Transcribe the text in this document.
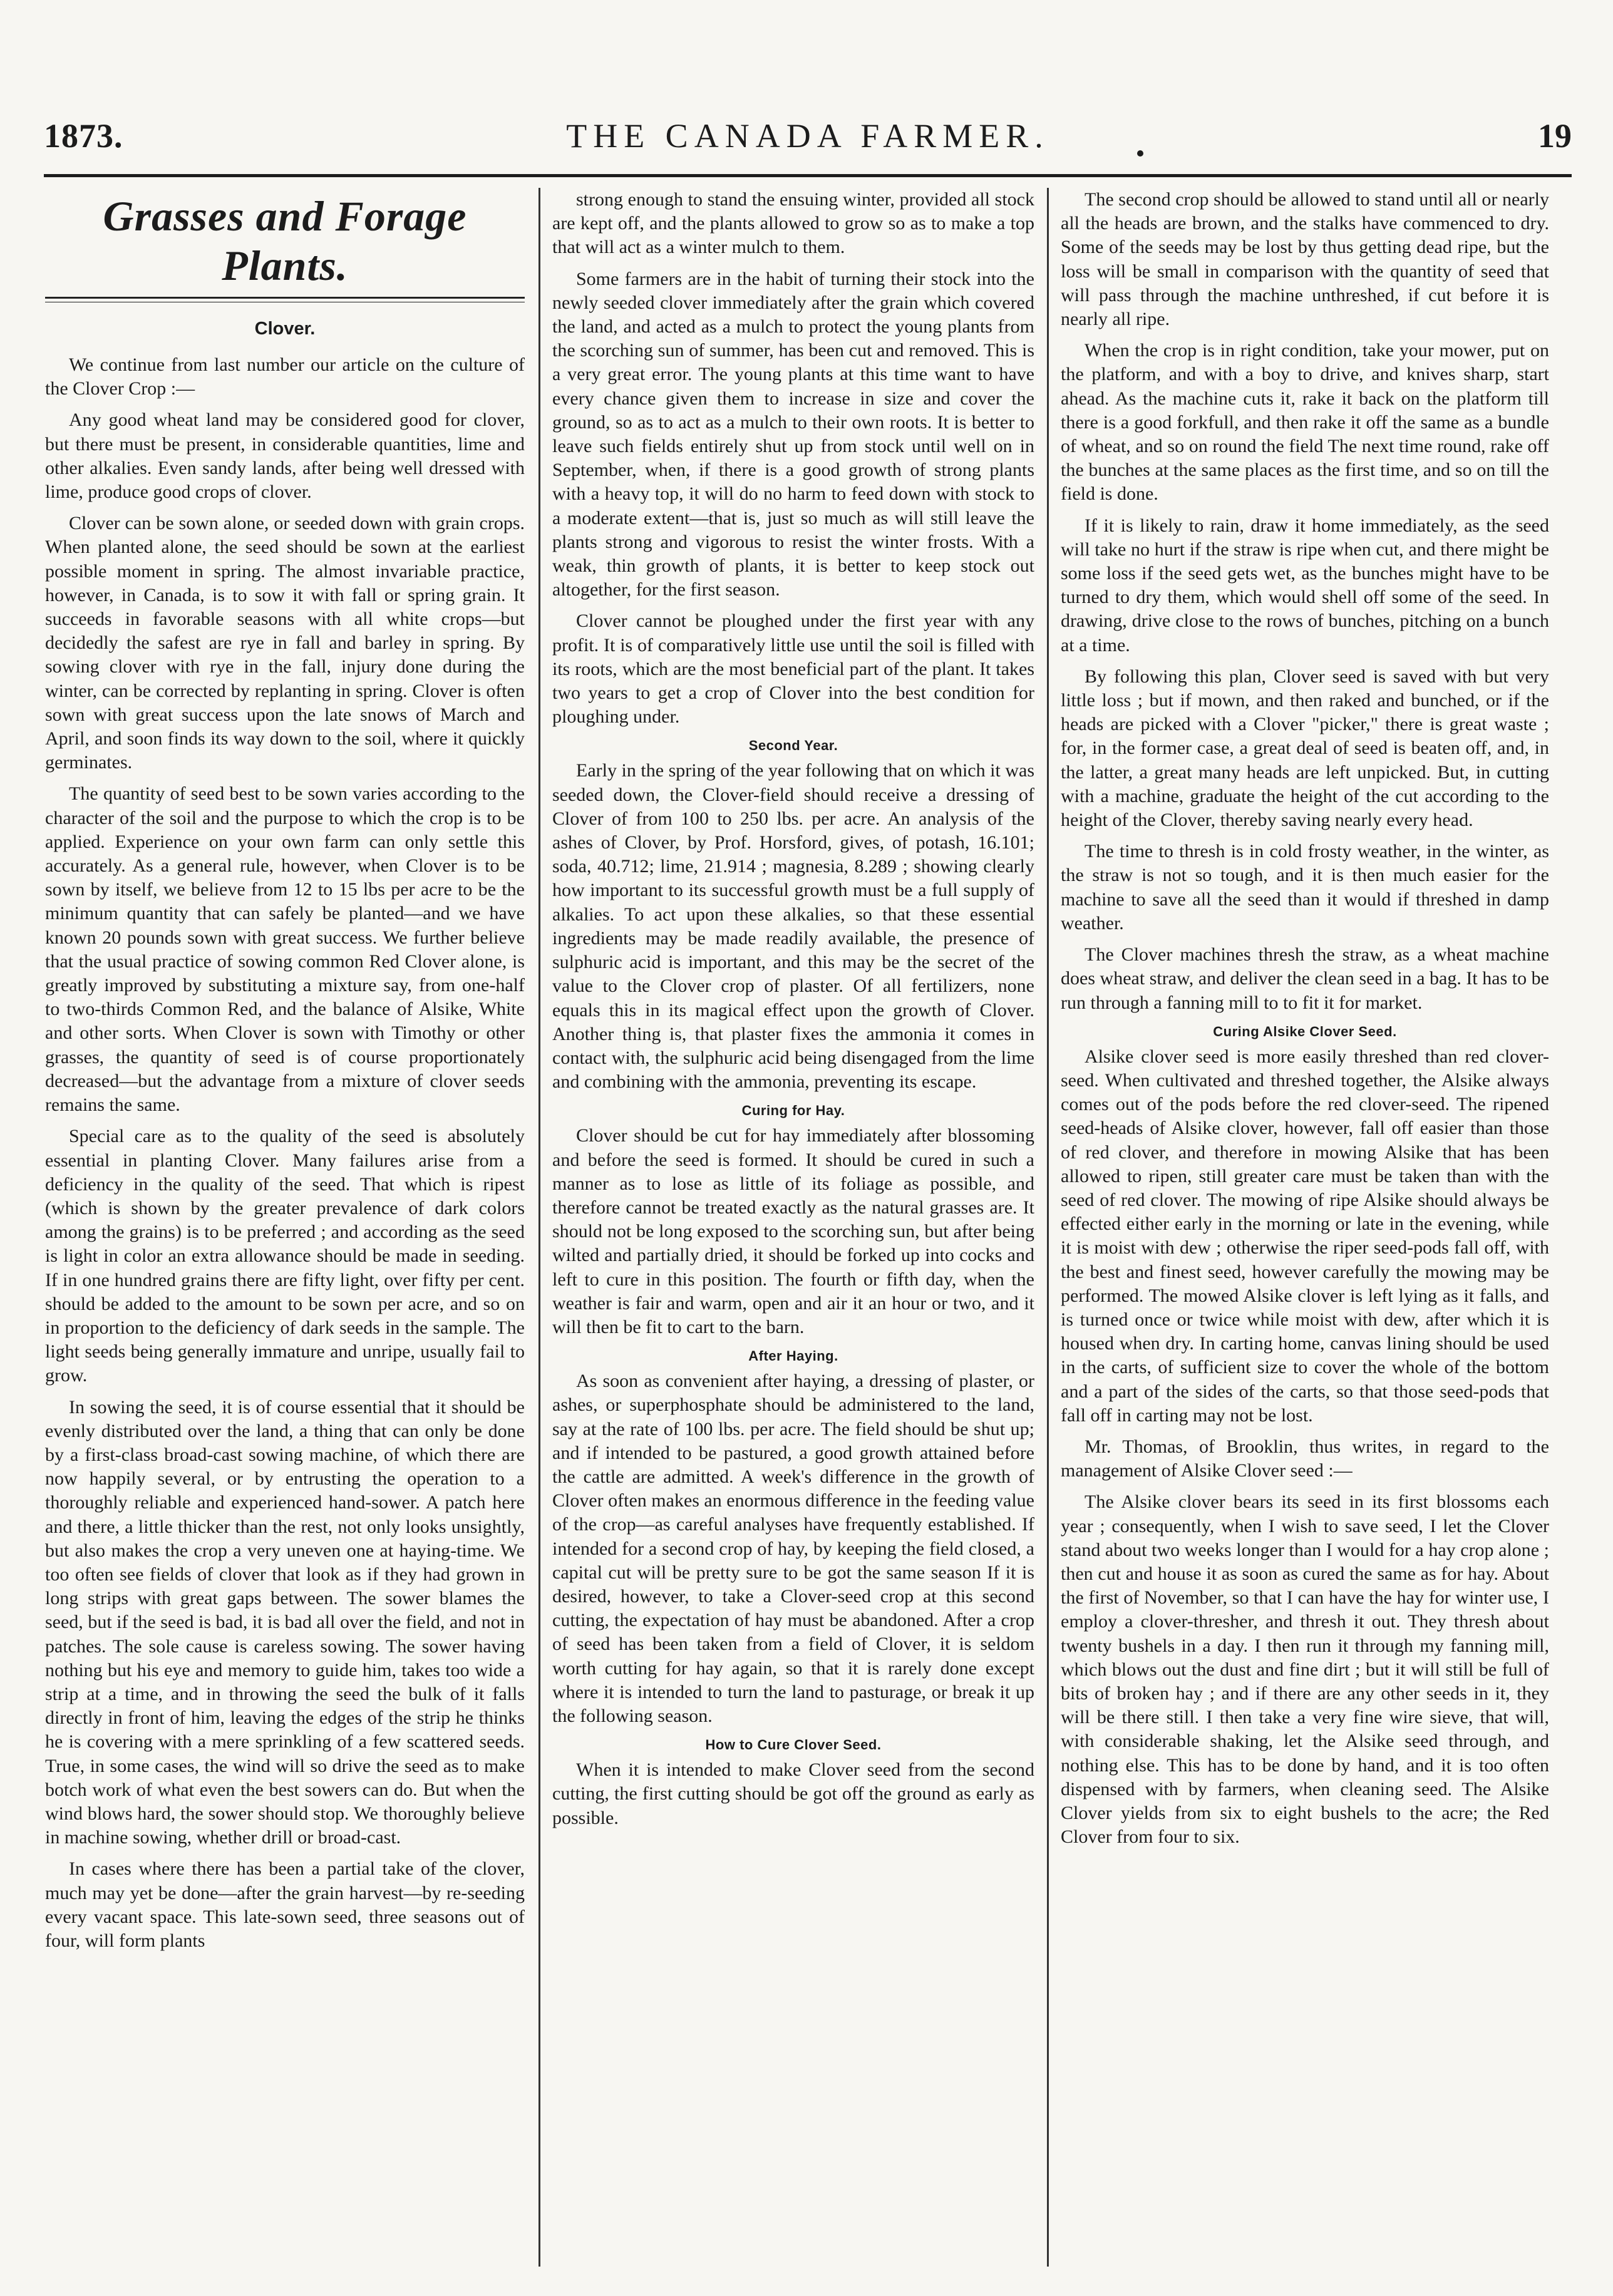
1873.	THE CANADA FARMER.	19
Grasses and Forage Plants.
Clover.

We continue from last number our article on the culture of the Clover Crop :—

Any good wheat land may be considered good for clover, but there must be present, in considerable quantities, lime and other alkalies. Even sandy lands, after being well dressed with lime, produce good crops of clover.

Clover can be sown alone, or seeded down with grain crops. When planted alone, the seed should be sown at the earliest possible moment in spring. The almost invariable practice, however, in Canada, is to sow it with fall or spring grain. It succeeds in favorable seasons with all white crops—but decidedly the safest are rye in fall and barley in spring. By sowing clover with rye in the fall, injury done during the winter, can be corrected by replanting in spring. Clover is often sown with great success upon the late snows of March and April, and soon finds its way down to the soil, where it quickly germinates.

The quantity of seed best to be sown varies according to the character of the soil and the purpose to which the crop is to be applied. Experience on your own farm can only settle this accurately. As a general rule, however, when Clover is to be sown by itself, we believe from 12 to 15 lbs per acre to be the minimum quantity that can safely be planted—and we have known 20 pounds sown with great success. We further believe that the usual practice of sowing common Red Clover alone, is greatly improved by substituting a mixture say, from one-half to two-thirds Common Red, and the balance of Alsike, White and other sorts. When Clover is sown with Timothy or other grasses, the quantity of seed is of course proportionately decreased—but the advantage from a mixture of clover seeds remains the same.

Special care as to the quality of the seed is absolutely essential in planting Clover. Many failures arise from a deficiency in the quality of the seed. That which is ripest (which is shown by the greater prevalence of dark colors among the grains) is to be preferred ; and according as the seed is light in color an extra allowance should be made in seeding. If in one hundred grains there are fifty light, over fifty per cent. should be added to the amount to be sown per acre, and so on in proportion to the deficiency of dark seeds in the sample. The light seeds being generally immature and unripe, usually fail to grow.

In sowing the seed, it is of course essential that it should be evenly distributed over the land, a thing that can only be done by a first-class broad-cast sowing machine, of which there are now happily several, or by entrusting the operation to a thoroughly reliable and experienced hand-sower. A patch here and there, a little thicker than the rest, not only looks unsightly, but also makes the crop a very uneven one at haying-time. We too often see fields of clover that look as if they had grown in long strips with great gaps between. The sower blames the seed, but if the seed is bad, it is bad all over the field, and not in patches. The sole cause is careless sowing. The sower having nothing but his eye and memory to guide him, takes too wide a strip at a time, and in throwing the seed the bulk of it falls directly in front of him, leaving the edges of the strip he thinks he is covering with a mere sprinkling of a few scattered seeds. True, in some cases, the wind will so drive the seed as to make botch work of what even the best sowers can do. But when the wind blows hard, the sower should stop. We thoroughly believe in machine sowing, whether drill or broad-cast.

In cases where there has been a partial take of the clover, much may yet be done—after the grain harvest—by re-seeding every vacant space. This late-sown seed, three seasons out of four, will form plants

strong enough to stand the ensuing winter, provided all stock are kept off, and the plants allowed to grow so as to make a top that will act as a winter mulch to them.

Some farmers are in the habit of turning their stock into the newly seeded clover immediately after the grain which covered the land, and acted as a mulch to protect the young plants from the scorching sun of summer, has been cut and removed. This is a very great error. The young plants at this time want to have every chance given them to increase in size and cover the ground, so as to act as a mulch to their own roots. It is better to leave such fields entirely shut up from stock until well on in September, when, if there is a good growth of strong plants with a heavy top, it will do no harm to feed down with stock to a moderate extent—that is, just so much as will still leave the plants strong and vigorous to resist the winter frosts. With a weak, thin growth of plants, it is better to keep stock out altogether, for the first season.

Clover cannot be ploughed under the first year with any profit. It is of comparatively little use until the soil is filled with its roots, which are the most beneficial part of the plant. It takes two years to get a crop of Clover into the best condition for ploughing under.

Second Year.

Early in the spring of the year following that on which it was seeded down, the Clover-field should receive a dressing of Clover of from 100 to 250 lbs. per acre. An analysis of the ashes of Clover, by Prof. Horsford, gives, of potash, 16.101; soda, 40.712; lime, 21.914 ; magnesia, 8.289 ; showing clearly how important to its successful growth must be a full supply of alkalies. To act upon these alkalies, so that these essential ingredients may be made readily available, the presence of sulphuric acid is important, and this may be the secret of the value to the Clover crop of plaster. Of all fertilizers, none equals this in its magical effect upon the growth of Clover. Another thing is, that plaster fixes the ammonia it comes in contact with, the sulphuric acid being disengaged from the lime and combining with the ammonia, preventing its escape.

Curing for Hay.

Clover should be cut for hay immediately after blossoming and before the seed is formed. It should be cured in such a manner as to lose as little of its foliage as possible, and therefore cannot be treated exactly as the natural grasses are. It should not be long exposed to the scorching sun, but after being wilted and partially dried, it should be forked up into cocks and left to cure in this position. The fourth or fifth day, when the weather is fair and warm, open and air it an hour or two, and it will then be fit to cart to the barn.

After Haying.

As soon as convenient after haying, a dressing of plaster, or ashes, or superphosphate should be administered to the land, say at the rate of 100 lbs. per acre. The field should be shut up; and if intended to be pastured, a good growth attained before the cattle are admitted. A week's difference in the growth of Clover often makes an enormous difference in the feeding value of the crop—as careful analyses have frequently established. If intended for a second crop of hay, by keeping the field closed, a capital cut will be pretty sure to be got the same season If it is desired, however, to take a Clover-seed crop at this second cutting, the expectation of hay must be abandoned. After a crop of seed has been taken from a field of Clover, it is seldom worth cutting for hay again, so that it is rarely done except where it is intended to turn the land to pasturage, or break it up the following season.

How to Cure Clover Seed.

When it is intended to make Clover seed from the second cutting, the first cutting should be got off the ground as early as possible.

The second crop should be allowed to stand until all or nearly all the heads are brown, and the stalks have commenced to dry. Some of the seeds may be lost by thus getting dead ripe, but the loss will be small in comparison with the quantity of seed that will pass through the machine unthreshed, if cut before it is nearly all ripe.

When the crop is in right condition, take your mower, put on the platform, and with a boy to drive, and knives sharp, start ahead. As the machine cuts it, rake it back on the platform till there is a good forkfull, and then rake it off the same as a bundle of wheat, and so on round the field The next time round, rake off the bunches at the same places as the first time, and so on till the field is done.

If it is likely to rain, draw it home immediately, as the seed will take no hurt if the straw is ripe when cut, and there might be some loss if the seed gets wet, as the bunches might have to be turned to dry them, which would shell off some of the seed. In drawing, drive close to the rows of bunches, pitching on a bunch at a time.

By following this plan, Clover seed is saved with but very little loss ; but if mown, and then raked and bunched, or if the heads are picked with a Clover "picker," there is great waste ; for, in the former case, a great deal of seed is beaten off, and, in the latter, a great many heads are left unpicked. But, in cutting with a machine, graduate the height of the cut according to the height of the Clover, thereby saving nearly every head.

The time to thresh is in cold frosty weather, in the winter, as the straw is not so tough, and it is then much easier for the machine to save all the seed than it would if threshed in damp weather.

The Clover machines thresh the straw, as a wheat machine does wheat straw, and deliver the clean seed in a bag. It has to be run through a fanning mill to to fit it for market.

Curing Alsike Clover Seed.

Alsike clover seed is more easily threshed than red clover-seed. When cultivated and threshed together, the Alsike always comes out of the pods before the red clover-seed. The ripened seed-heads of Alsike clover, however, fall off easier than those of red clover, and therefore in mowing Alsike that has been allowed to ripen, still greater care must be taken than with the seed of red clover. The mowing of ripe Alsike should always be effected either early in the morning or late in the evening, while it is moist with dew ; otherwise the riper seed-pods fall off, with the best and finest seed, however carefully the mowing may be performed. The mowed Alsike clover is left lying as it falls, and is turned once or twice while moist with dew, after which it is housed when dry. In carting home, canvas lining should be used in the carts, of sufficient size to cover the whole of the bottom and a part of the sides of the carts, so that those seed-pods that fall off in carting may not be lost.

Mr. Thomas, of Brooklin, thus writes, in regard to the management of Alsike Clover seed :—

The Alsike clover bears its seed in its first blossoms each year ; consequently, when I wish to save seed, I let the Clover stand about two weeks longer than I would for a hay crop alone ; then cut and house it as soon as cured the same as for hay. About the first of November, so that I can have the hay for winter use, I employ a clover-thresher, and thresh it out. They thresh about twenty bushels in a day. I then run it through my fanning mill, which blows out the dust and fine dirt ; but it will still be full of bits of broken hay ; and if there are any other seeds in it, they will be there still. I then take a very fine wire sieve, that will, with considerable shaking, let the Alsike seed through, and nothing else. This has to be done by hand, and it is too often dispensed with by farmers, when cleaning seed. The Alsike Clover yields from six to eight bushels to the acre; the Red Clover from four to six.
